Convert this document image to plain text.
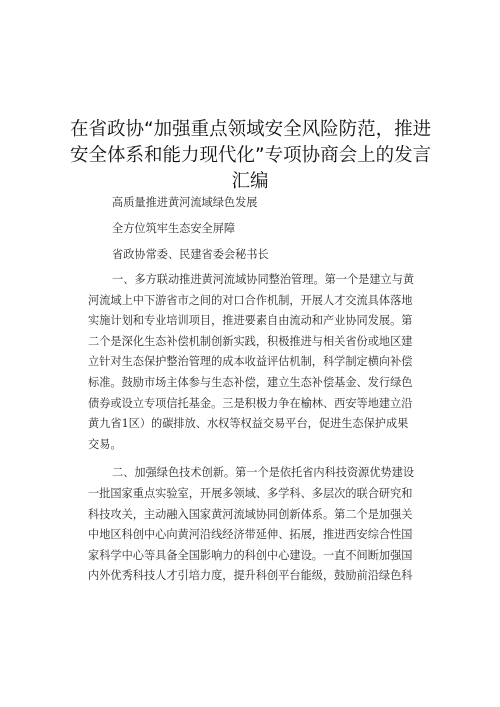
在省政协“加强重点领域安全风险防范，推进
安全体系和能力现代化”专项协商会上的发言
汇编
高质量推进黄河流域绿色发展
全方位筑牢生态安全屏障
省政协常委、民建省委会秘书长
一、多方联动推进黄河流域协同整治管理。第一个是建立与黄
河流域上中下游省市之间的对口合作机制，开展人才交流具体落地
实施计划和专业培训项目，推进要素自由流动和产业协同发展。第
二个是深化生态补偿机制创新实践，积极推进与相关省份或地区建
立针对生态保护整治管理的成本收益评估机制，科学制定横向补偿
标准。鼓励市场主体参与生态补偿，建立生态补偿基金、发行绿色
债券或设立专项信托基金。三是积极力争在榆林、西安等地建立沿
黄九省1区）的碳排放、水权等权益交易平台，促进生态保护成果
交易。
二、加强绿色技术创新。第一个是依托省内科技资源优势建设
一批国家重点实验室，开展多领域、多学科、多层次的联合研究和
科技攻关，主动融入国家黄河流域协同创新体系。第二个是加强关
中地区科创中心向黄河沿线经济带延伸、拓展，推进西安综合性国
家科学中心等具备全国影响力的科创中心建设。一直不间断加强国
内外优秀科技人才引培力度，提升科创平台能级，鼓励前沿绿色科
